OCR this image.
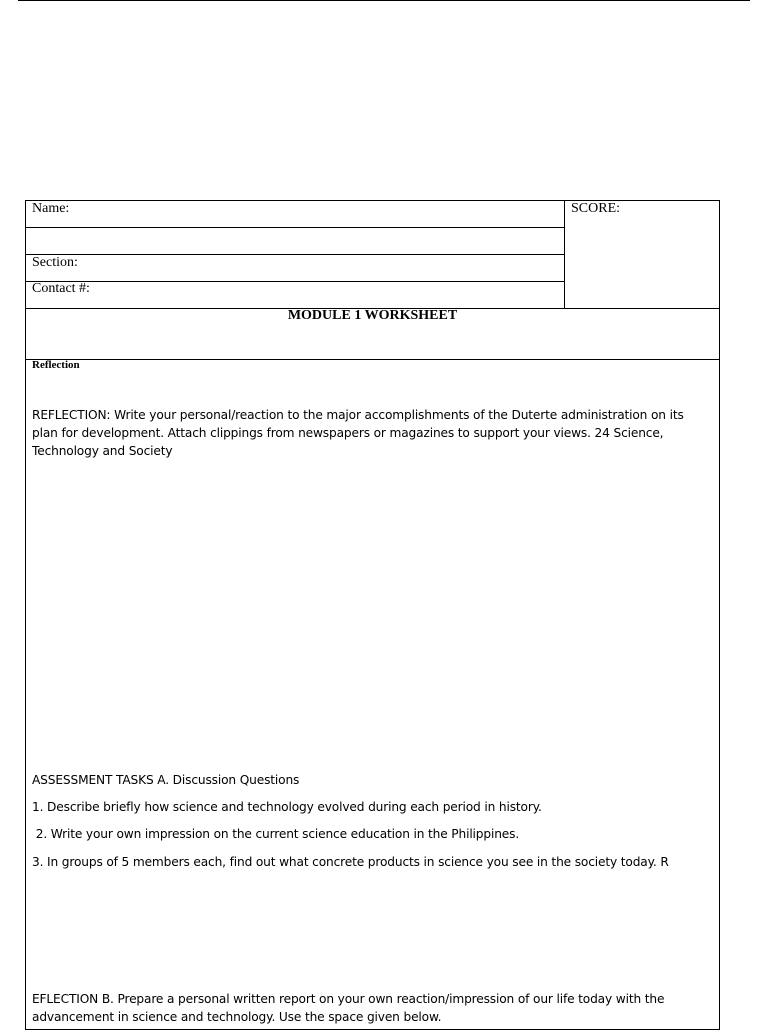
Name:
Section:
Contact #:
SCORE:
MODULE 1 WORKSHEET
Reflection
REFLECTION: Write your personal/reaction to the major accomplishments of the Duterte administration on its plan for development. Attach clippings from newspapers or magazines to support your views. 24 Science, Technology and Society
ASSESSMENT TASKS A. Discussion Questions
1. Describe briefly how science and technology evolved during each period in history.
2. Write your own impression on the current science education in the Philippines.
3. In groups of 5 members each, find out what concrete products in science you see in the society today. R
EFLECTION B. Prepare a personal written report on your own reaction/impression of our life today with the advancement in science and technology. Use the space given below.
